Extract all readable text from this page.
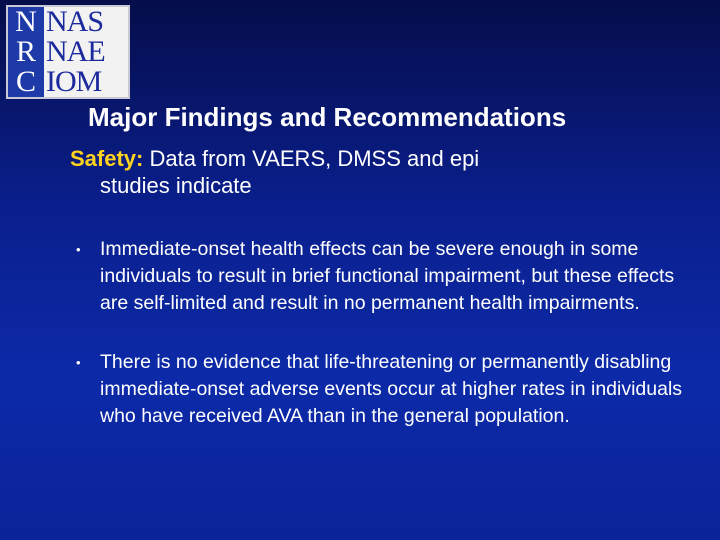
N
R
C
NAS
NAE
IOM
Major Findings and Recommendations
Safety: Data from VAERS, DMSS and epi
studies indicate
• Immediate-onset health effects can be severe enough in some individuals to result in brief functional impairment, but these effects are self-limited and result in no permanent health impairments.
• There is no evidence that life-threatening or permanently disabling immediate-onset adverse events occur at higher rates in individuals who have received AVA than in the general population.
